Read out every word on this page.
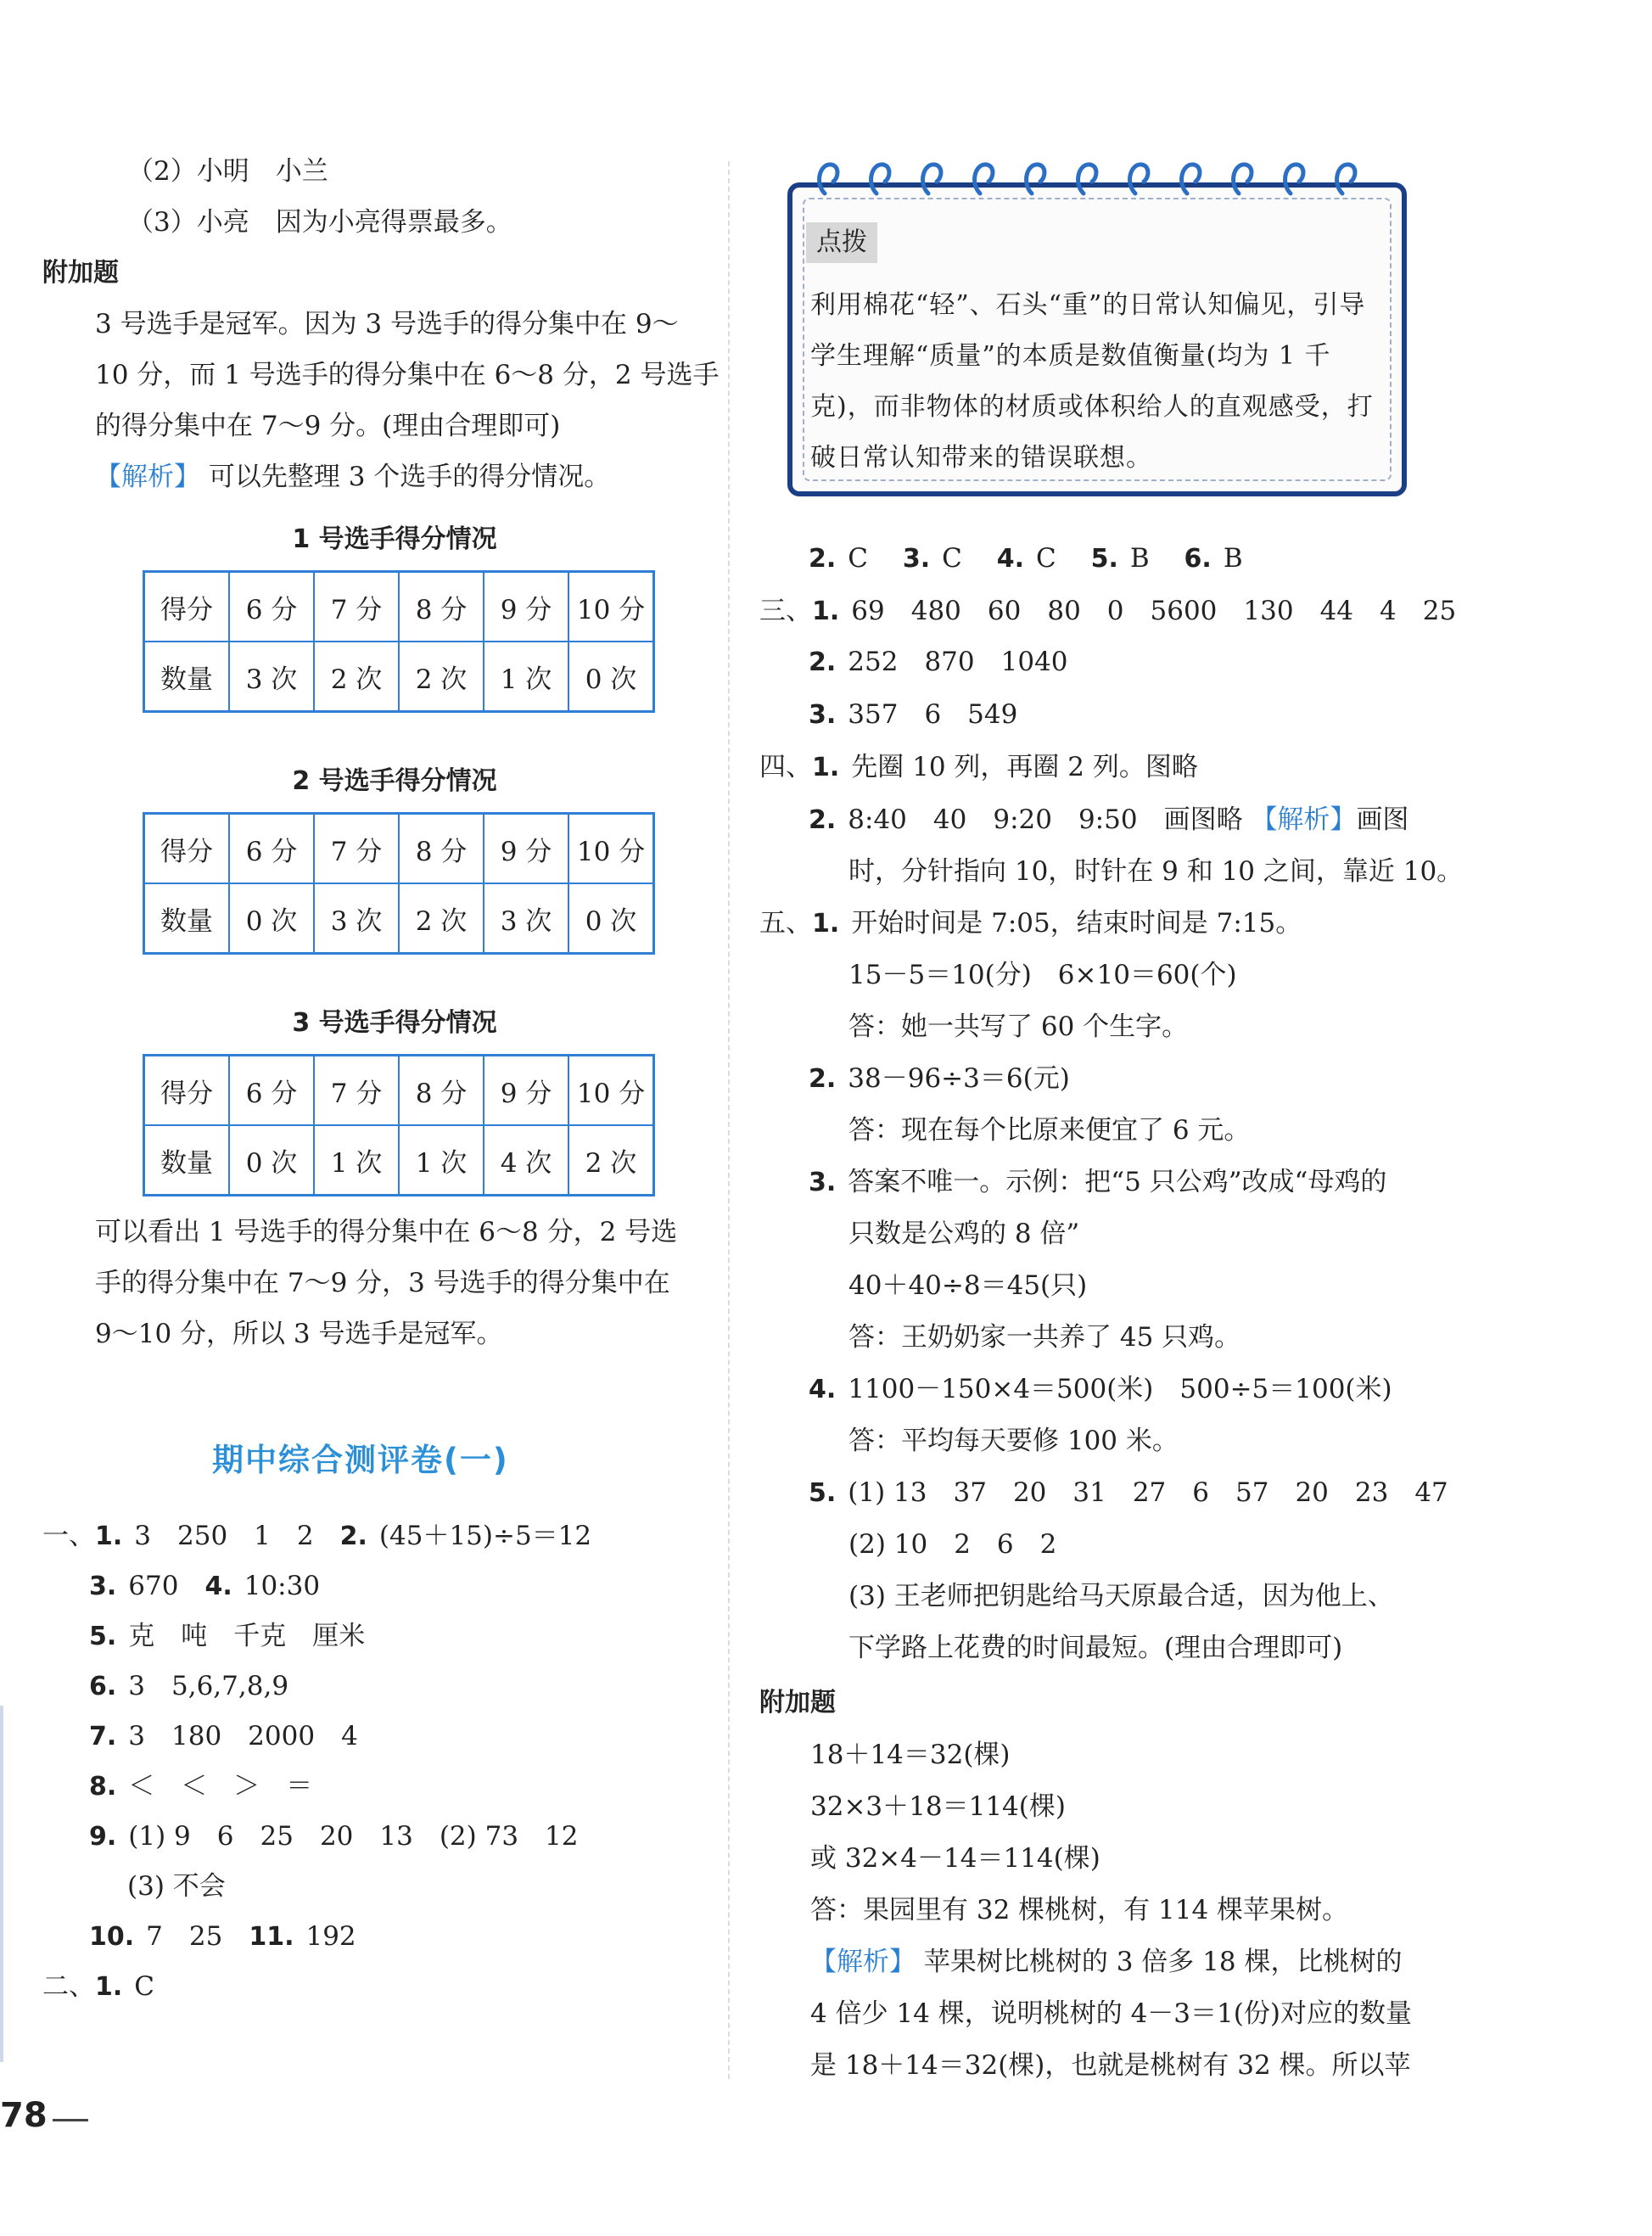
（2）小明　小兰
（3）小亮　因为小亮得票最多。
附加题
3 号选手是冠军。因为 3 号选手的得分集中在 9～
10 分，而 1 号选手的得分集中在 6～8 分，2 号选手
的得分集中在 7～9 分。(理由合理即可)
【解析】 可以先整理 3 个选手的得分情况。
1 号选手得分情况
得分	6 分	7 分	8 分	9 分	10 分
数量	3 次	2 次	2 次	1 次	0 次
2 号选手得分情况
得分	6 分	7 分	8 分	9 分	10 分
数量	0 次	3 次	2 次	3 次	0 次
3 号选手得分情况
得分	6 分	7 分	8 分	9 分	10 分
数量	0 次	1 次	1 次	4 次	2 次
可以看出 1 号选手的得分集中在 6～8 分，2 号选
手的得分集中在 7～9 分，3 号选手的得分集中在
9～10 分，所以 3 号选手是冠军。
期中综合测评卷(一)
一、1. 3　250　1　2　 2. (45＋15)÷5＝12
3. 670　 4. 10:30
5. 克　吨　千克　厘米
6. 3　5,6,7,8,9
7. 3　180　2000　4
8. ＜　＜　＞　＝
9. (1) 9　6　25　20　13　(2) 73　12
(3) 不会
10. 7　25　 11. 192
二、1. C
78
点拨
利用棉花“轻”、石头“重”的日常认知偏见，引导
学生理解“质量”的本质是数值衡量(均为 1 千
克)，而非物体的材质或体积给人的直观感受，打
破日常认知带来的错误联想。
2. C　 3. C　 4. C　 5. B　 6. B
三、1. 69　480　60　80　0　5600　130　44　4　25
2. 252　870　1040
3. 357　6　549
四、1. 先圈 10 列，再圈 2 列。图略
2. 8:40　40　9:20　9:50　画图略 【解析】画图
时，分针指向 10，时针在 9 和 10 之间，靠近 10。
五、1. 开始时间是 7:05，结束时间是 7:15。
15－5＝10(分)　6×10＝60(个)
答：她一共写了 60 个生字。
2. 38－96÷3＝6(元)
答：现在每个比原来便宜了 6 元。
3. 答案不唯一。示例：把“5 只公鸡”改成“母鸡的
只数是公鸡的 8 倍”
40＋40÷8＝45(只)
答：王奶奶家一共养了 45 只鸡。
4. 1100－150×4＝500(米)　500÷5＝100(米)
答：平均每天要修 100 米。
5. (1) 13　37　20　31　27　6　57　20　23　47
(2) 10　2　6　2
(3) 王老师把钥匙给马天原最合适，因为他上、
下学路上花费的时间最短。(理由合理即可)
附加题
18＋14＝32(棵)
32×3＋18＝114(棵)
或 32×4－14＝114(棵)
答：果园里有 32 棵桃树，有 114 棵苹果树。
【解析】 苹果树比桃树的 3 倍多 18 棵，比桃树的
4 倍少 14 棵，说明桃树的 4－3＝1(份)对应的数量
是 18＋14＝32(棵)，也就是桃树有 32 棵。所以苹
